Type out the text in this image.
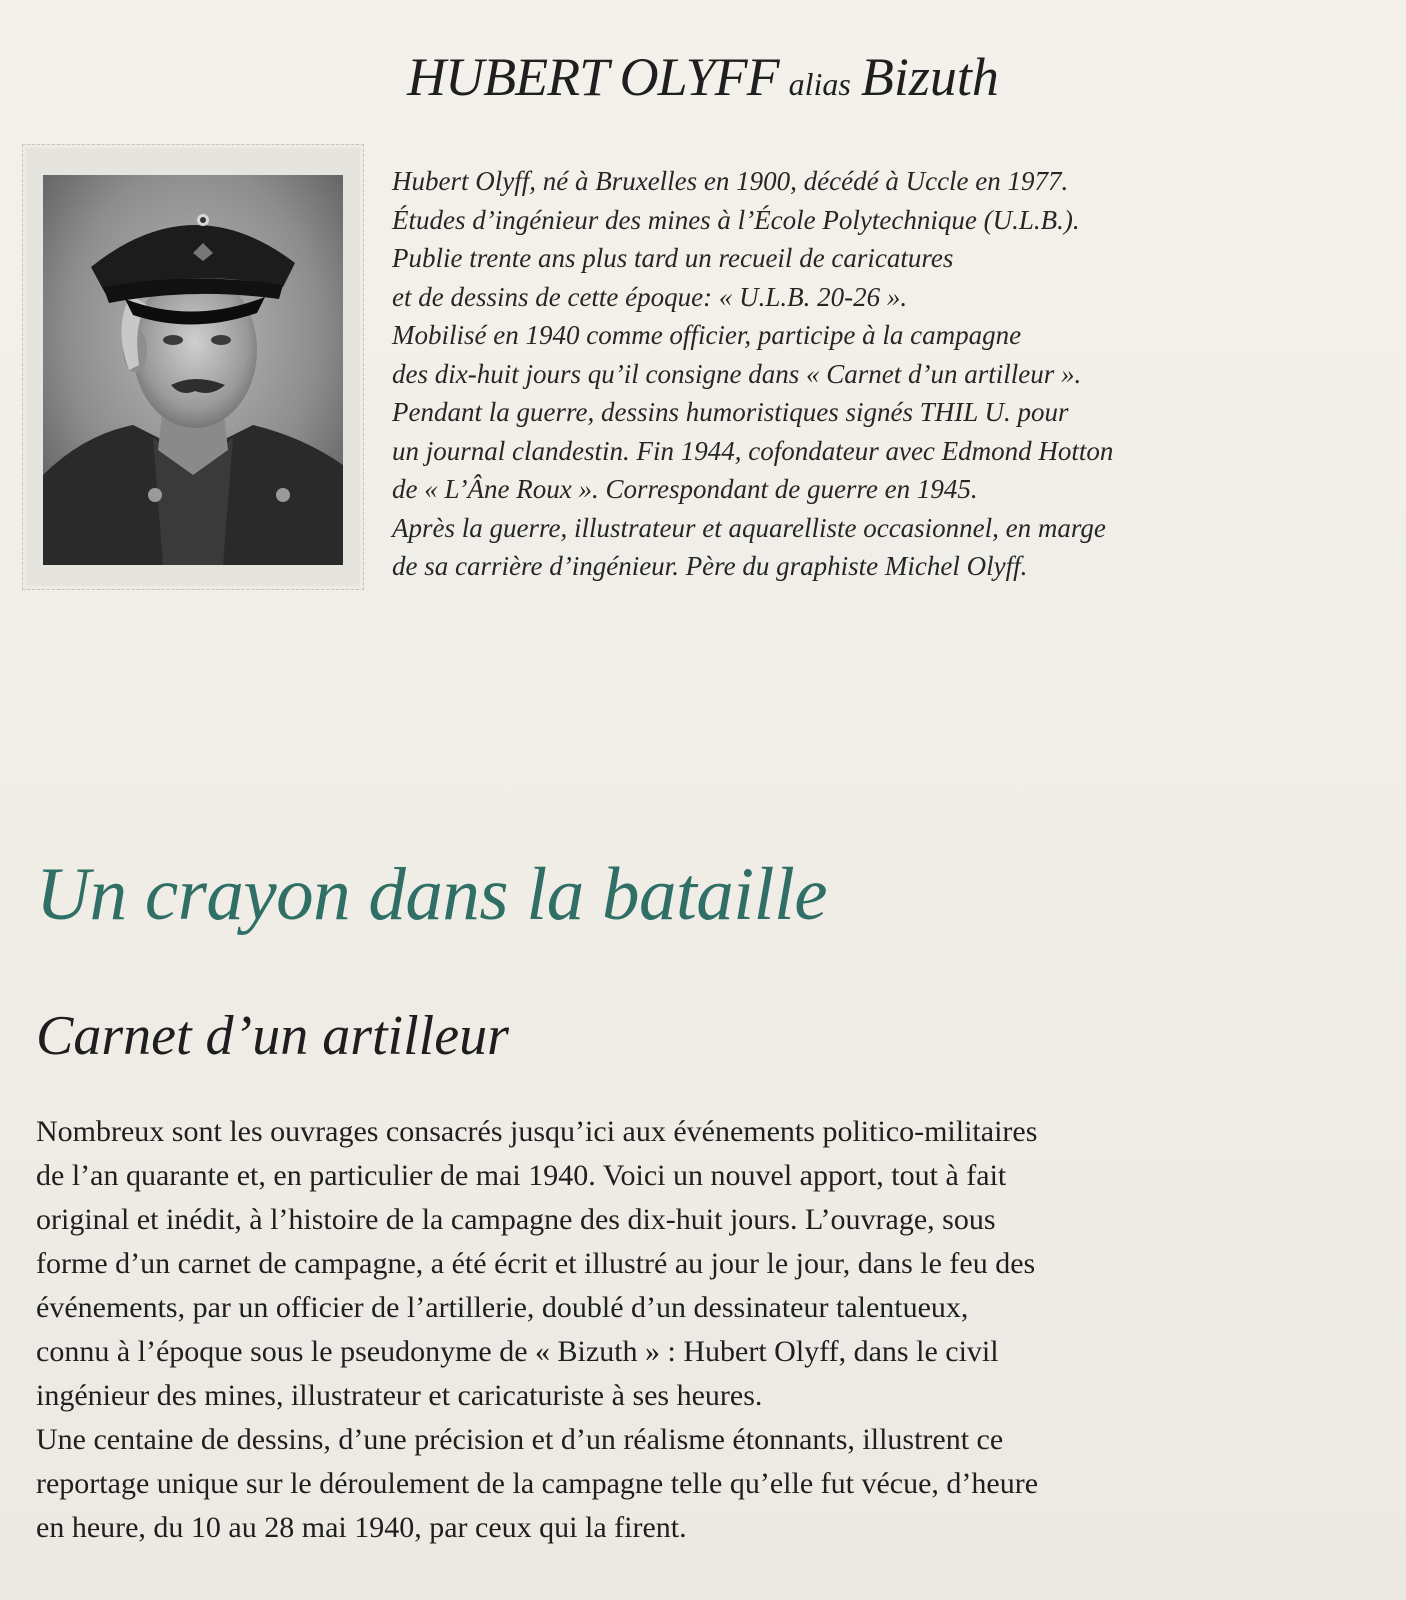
HUBERT OLYFF alias Bizuth
Hubert Olyff, né à Bruxelles en 1900, décédé à Uccle en 1977.
Études d’ingénieur des mines à l’École Polytechnique (U.L.B.).
Publie trente ans plus tard un recueil de caricatures
et de dessins de cette époque: « U.L.B. 20-26 ».
Mobilisé en 1940 comme officier, participe à la campagne
des dix-huit jours qu’il consigne dans « Carnet d’un artilleur ».
Pendant la guerre, dessins humoristiques signés THIL U. pour
un journal clandestin. Fin 1944, cofondateur avec Edmond Hotton
de « L’Âne Roux ». Correspondant de guerre en 1945.
Après la guerre, illustrateur et aquarelliste occasionnel, en marge
de sa carrière d’ingénieur. Père du graphiste Michel Olyff.
Un crayon dans la bataille
Carnet d’un artilleur
Nombreux sont les ouvrages consacrés jusqu’ici aux événements politico-militaires
de l’an quarante et, en particulier de mai 1940. Voici un nouvel apport, tout à fait
original et inédit, à l’histoire de la campagne des dix-huit jours. L’ouvrage, sous
forme d’un carnet de campagne, a été écrit et illustré au jour le jour, dans le feu des
événements, par un officier de l’artillerie, doublé d’un dessinateur talentueux,
connu à l’époque sous le pseudonyme de « Bizuth » : Hubert Olyff, dans le civil
ingénieur des mines, illustrateur et caricaturiste à ses heures.
Une centaine de dessins, d’une précision et d’un réalisme étonnants, illustrent ce
reportage unique sur le déroulement de la campagne telle qu’elle fut vécue, d’heure
en heure, du 10 au 28 mai 1940, par ceux qui la firent.
